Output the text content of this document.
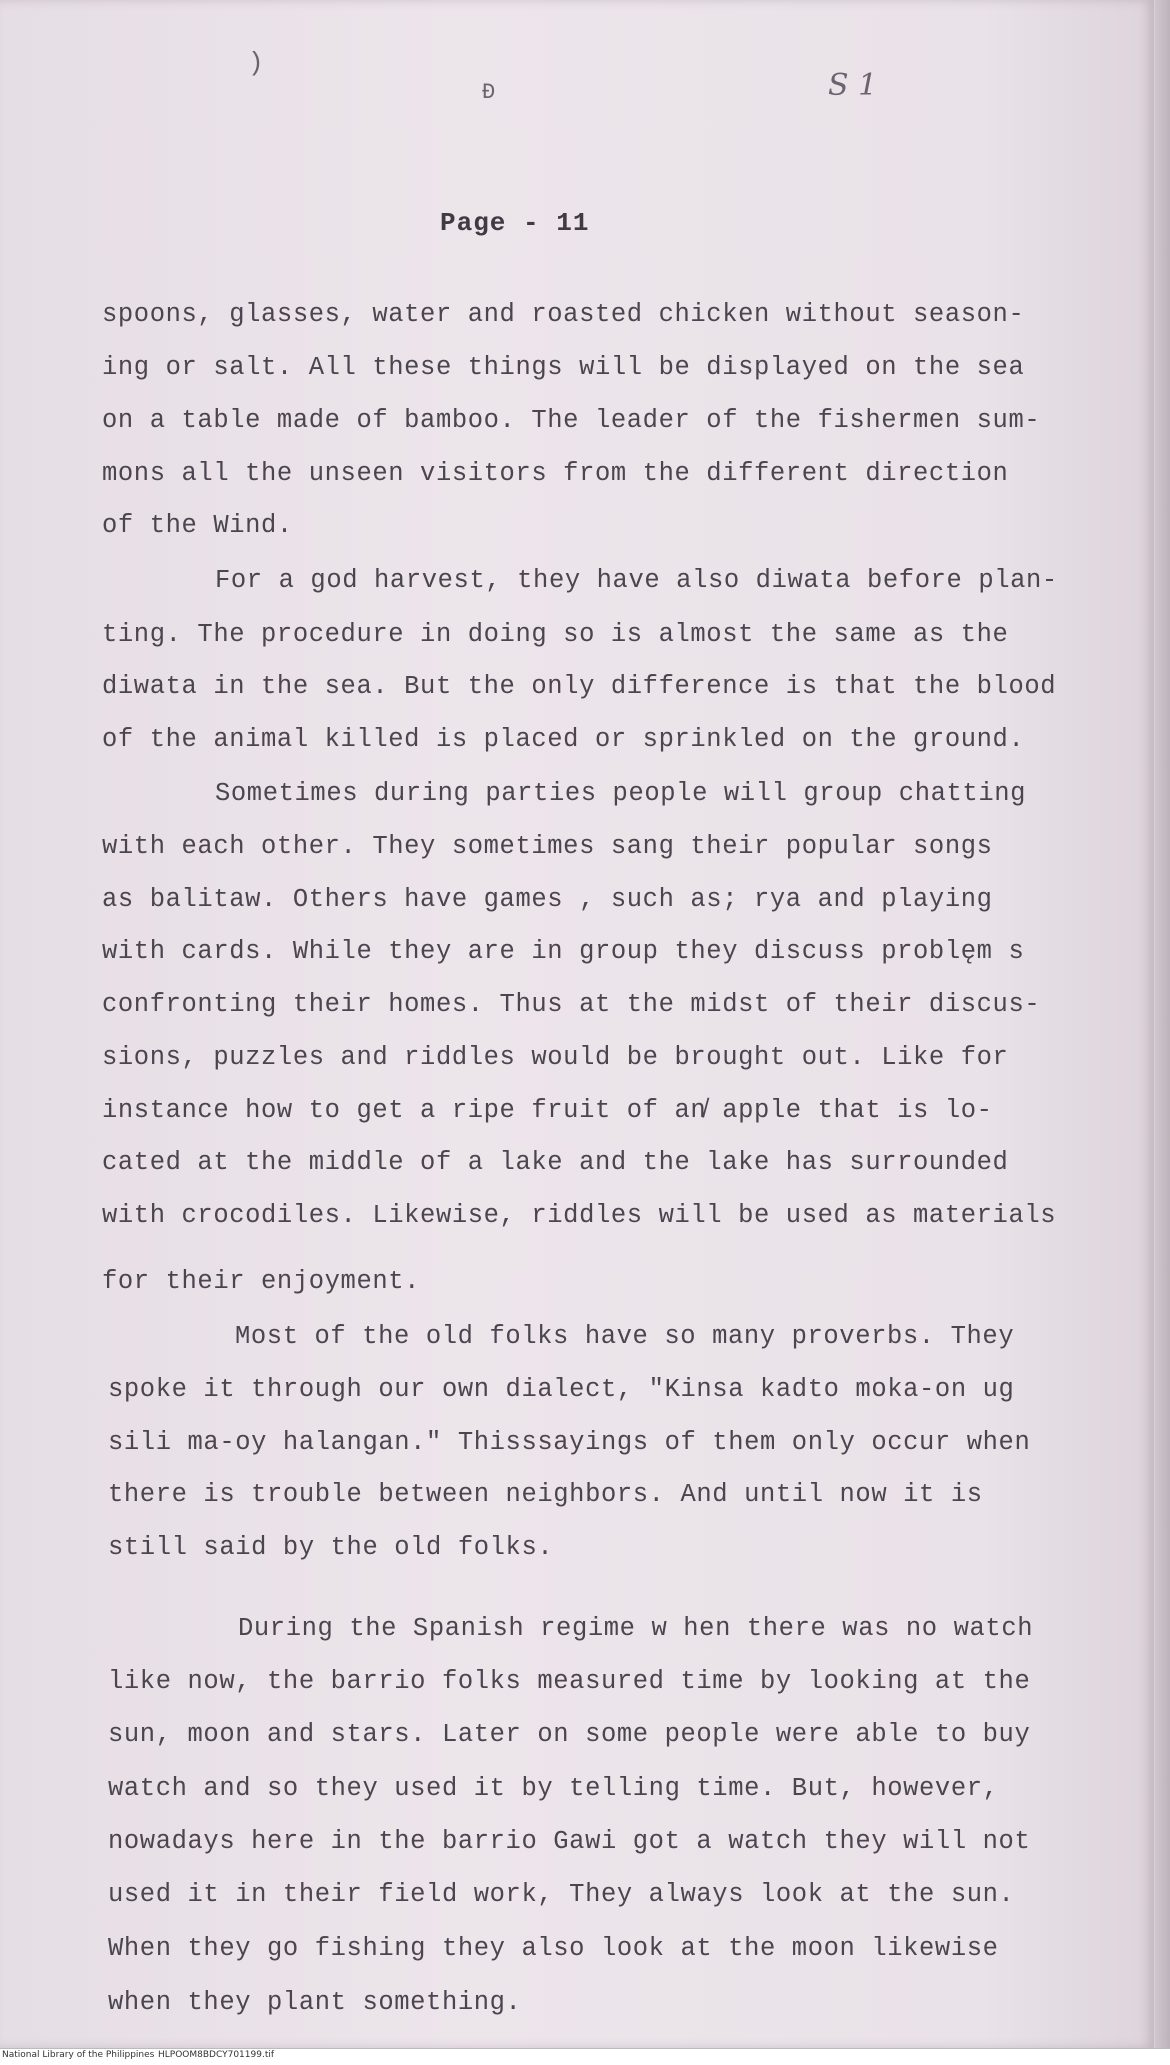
)
Ð	S 1
Page - 11

spoons, glasses, water and roasted chicken without season-

ing or salt. All these things will be displayed on the sea

on a table made of bamboo. The leader of the fishermen sum-

mons all the unseen visitors from the different direction

of the Wind.

For a god harvest, they have also diwata before plan-

ting. The procedure in doing so is almost the same as the

diwata in the sea. But the only difference is that the blood

of the animal killed is placed or sprinkled on the ground.

Sometimes during parties people will group chatting

with each other. They sometimes sang their popular songs

as balitaw. Others have games , such as; rya and playing

with cards. While they are in group they discuss problęm s

confronting their homes. Thus at the midst of their discus-

sions, puzzles and riddles would be brought out. Like for

instance how to get a ripe fruit of an̸ apple that is lo-

cated at the middle of a lake and the lake has surrounded

with crocodiles. Likewise, riddles will be used as materials

for their enjoyment.

Most of the old folks have so many proverbs. They

spoke it through our own dialect, "Kinsa kadto moka-on ug

sili ma-oy halangan." Thisssayings of them only occur when

there is trouble between neighbors. And until now it is

still said by the old folks.

During the Spanish regime w hen there was no watch

like now, the barrio folks measured time by looking at the

sun, moon and stars. Later on some people were able to buy

watch and so they used it by telling time. But, however,

nowadays here in the barrio Gawi got a watch they will not

used it in their field work, They always look at the sun.

When they go fishing they also look at the moon likewise

when they plant something.

National Library of the Philippines HLPOOM8BDCY701199.tif
